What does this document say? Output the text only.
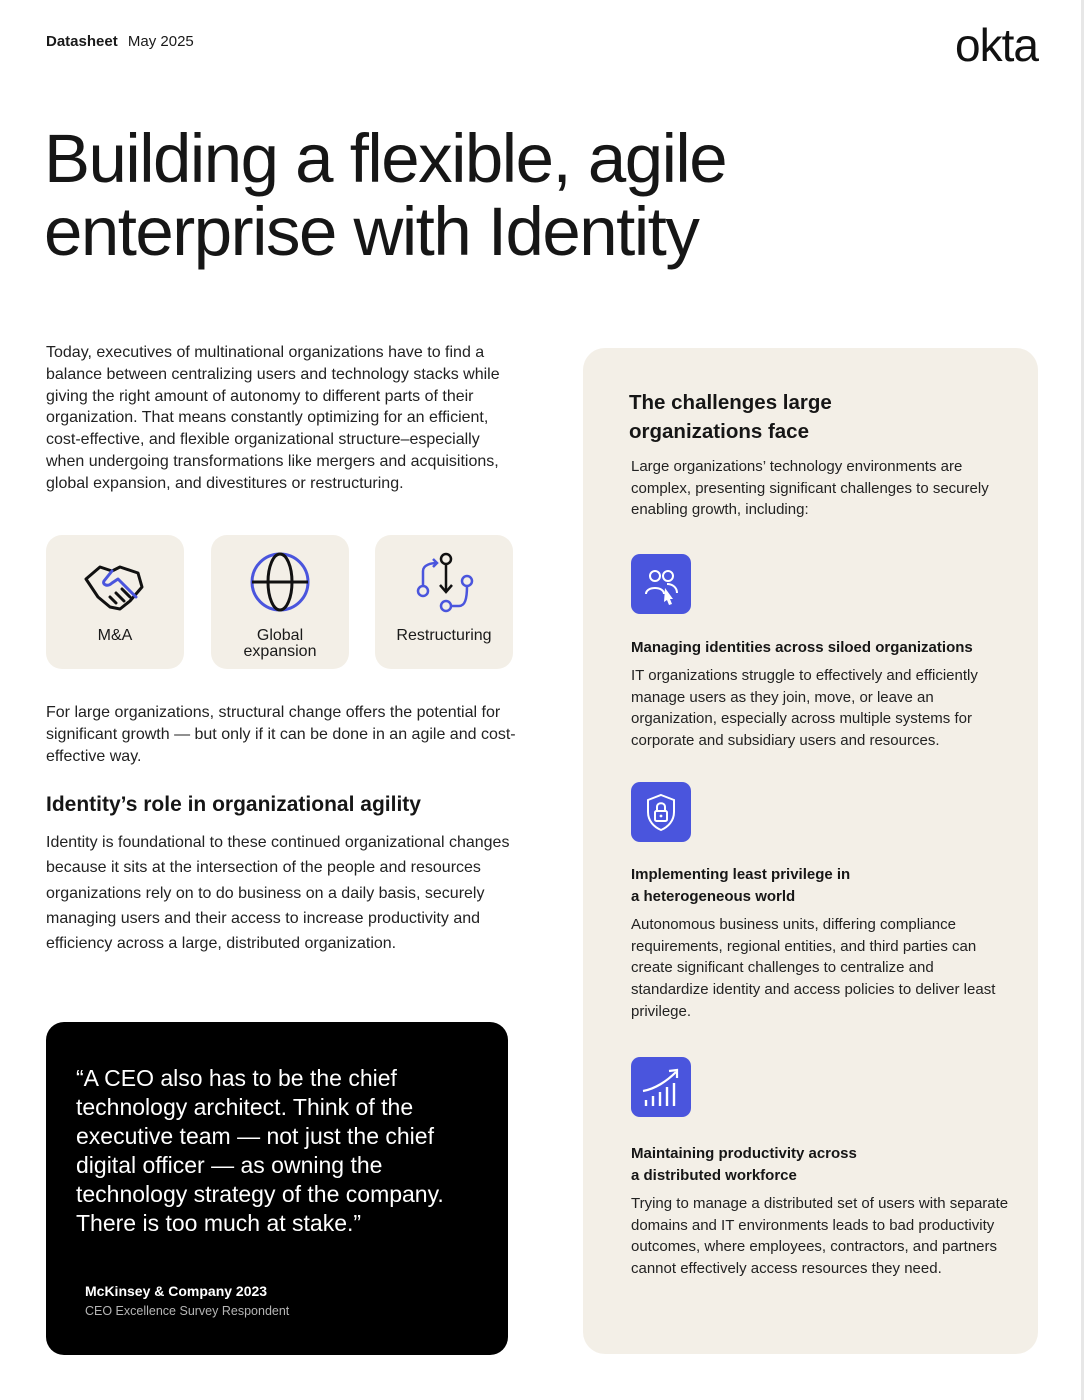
Datasheet May 2025	okta
Building a flexible, agile
enterprise with Identity

Today, executives of multinational organizations have to find a balance between centralizing users and technology stacks while giving the right amount of autonomy to different parts of their organization. That means constantly optimizing for an efficient, cost-effective, and flexible organizational structure–especially when undergoing transformations like mergers and acquisitions, global expansion, and divestitures or restructuring.

M&A	Global
expansion
Restructuring

For large organizations, structural change offers the potential for significant growth — but only if it can be done in an agile and cost-effective way.

Identity’s role in organizational agility

Identity is foundational to these continued organizational changes because it sits at the intersection of the people and resources organizations rely on to do business on a daily basis, securely managing users and their access to increase productivity and efficiency across a large, distributed organization.

“A CEO also has to be the chief technology architect. Think of the executive team — not just the chief digital officer — as owning the technology strategy of the company. There is too much at stake.”

McKinsey & Company 2023
CEO Excellence Survey Respondent
The challenges large
organizations face

Large organizations’ technology environments are complex, presenting significant challenges to securely enabling growth, including:

Managing identities across siloed organizations

IT organizations struggle to effectively and efficiently manage users as they join, move, or leave an organization, especially across multiple systems for corporate and subsidiary users and resources.

Implementing least privilege in
a heterogeneous world

Autonomous business units, differing compliance requirements, regional entities, and third parties can create significant challenges to centralize and standardize identity and access policies to deliver least privilege.

Maintaining productivity across
a distributed workforce

Trying to manage a distributed set of users with separate domains and IT environments leads to bad productivity outcomes, where employees, contractors, and partners cannot effectively access resources they need.
